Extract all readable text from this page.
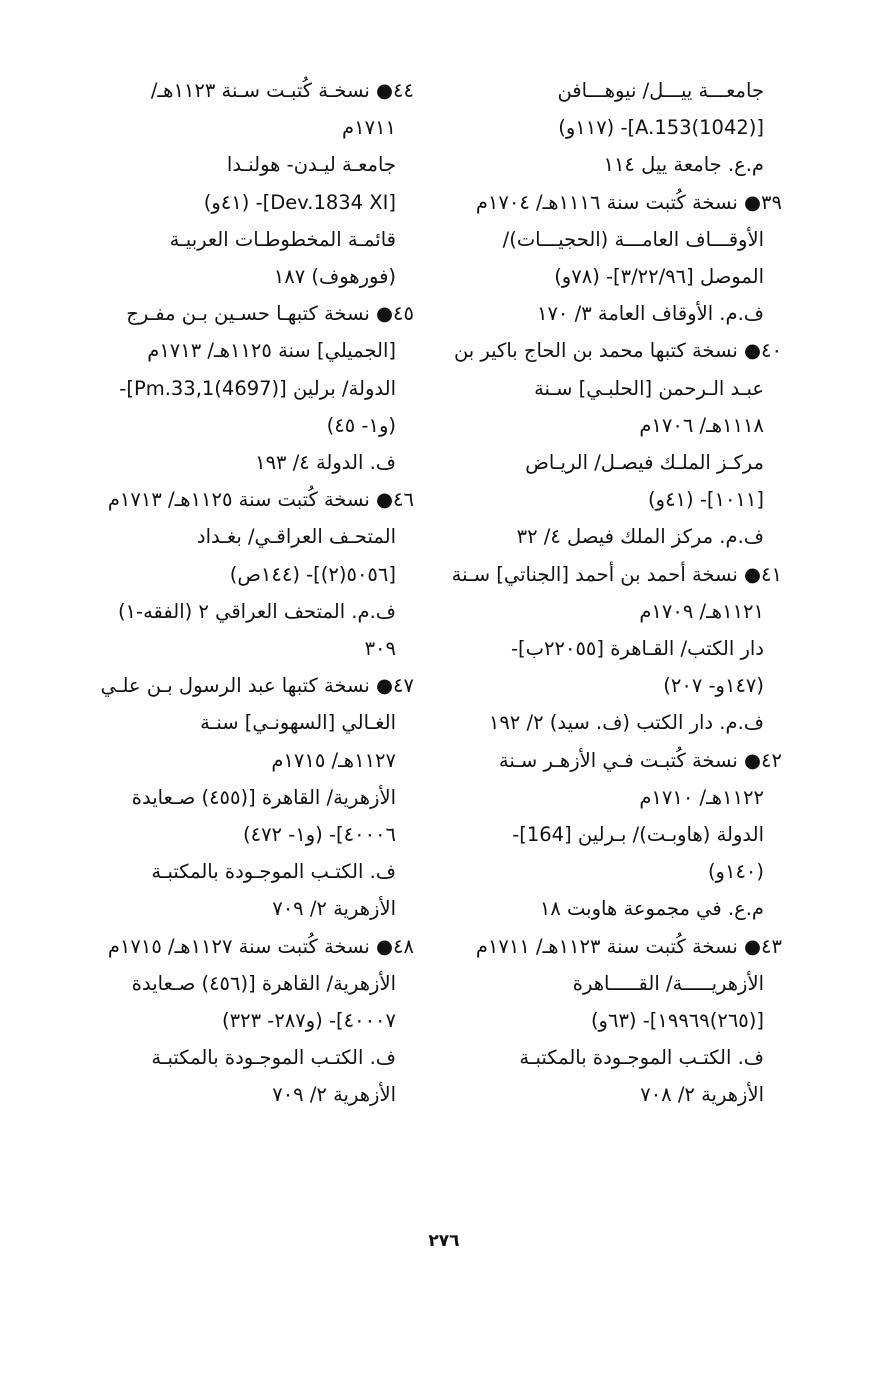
جامعـــة ييـــل/ نيوهـــافن
[A.153(1042)]- (١١٧و)
م.ع. جامعة ييل ١١٤
٣٩● نسخة كُتبت سنة ١١١٦هـ/ ١٧٠٤م
الأوقـــاف العامـــة (الحجيـــات)/
الموصل [٣/٢٢/٩٦]- (٧٨و)
ف.م. الأوقاف العامة ٣/ ١٧٠
٤٠● نسخة كتبها محمد بن الحاج باكير بن
عبـد الـرحمن [الحلبـي] سـنة
١١١٨هـ/ ١٧٠٦م
مركـز الملـك فيصـل/ الريـاض
[١٠١١]- (٤١و)
ف.م. مركز الملك فيصل ٤/ ٣٢
٤١● نسخة أحمد بن أحمد [الجناتي] سـنة
١١٢١هـ/ ١٧٠٩م
دار الكتب/ القـاهرة [٢٢٠٥٥ب]-
(١٤٧و- ٢٠٧)
ف.م. دار الكتب (ف. سيد) ٢/ ١٩٢
٤٢● نسخة كُتبـت فـي الأزهـر سـنة
١١٢٢هـ/ ١٧١٠م
الدولة (هاوبـت)/ بـرلين [164]-
(١٤٠و)
م.ع. في مجموعة هاوبت ١٨
٤٣● نسخة كُتبت سنة ١١٢٣هـ/ ١٧١١م
الأزهريـــــة/ القـــــاهرة
[(٢٦٥)١٩٩٦٩]- (٦٣و)
ف. الكتـب الموجـودة بالمكتبـة
الأزهرية ٢/ ٧٠٨
٤٤● نسخـة كُتبـت سـنة ١١٢٣هـ/
١٧١١م
جامعـة ليـدن- هولنـدا
[Dev.1834 XI]- (٤١و)
قائمـة المخطوطـات العربيـة
(فورهوف) ١٨٧
٤٥● نسخة كتبهـا حسـين بـن مفـرج
[الجميلي] سنة ١١٢٥هـ/ ١٧١٣م
الدولة/ برلين [Pm.33,1(4697)]-
(و١- ٤٥)
ف. الدولة ٤/ ١٩٣
٤٦● نسخة كُتبت سنة ١١٢٥هـ/ ١٧١٣م
المتحـف العراقـي/ بغـداد
[٥٠٥٦(٢)]- (١٤٤ص)
ف.م. المتحف العراقي ٢ (الفقه-١)
٣٠٩
٤٧● نسخة كتبها عبد الرسول بـن علـي
الغـالي [السهونـي] سنـة
١١٢٧هـ/ ١٧١٥م
الأزهرية/ القاهرة [(٤٥٥) صـعايدة
٤٠٠٠٦]- (و١- ٤٧٢)
ف. الكتـب الموجـودة بالمكتبـة
الأزهرية ٢/ ٧٠٩
٤٨● نسخة كُتبت سنة ١١٢٧هـ/ ١٧١٥م
الأزهرية/ القاهرة [(٤٥٦) صـعايدة
٤٠٠٠٧]- (و٢٨٧- ٣٢٣)
ف. الكتـب الموجـودة بالمكتبـة
الأزهرية ٢/ ٧٠٩
٢٧٦
